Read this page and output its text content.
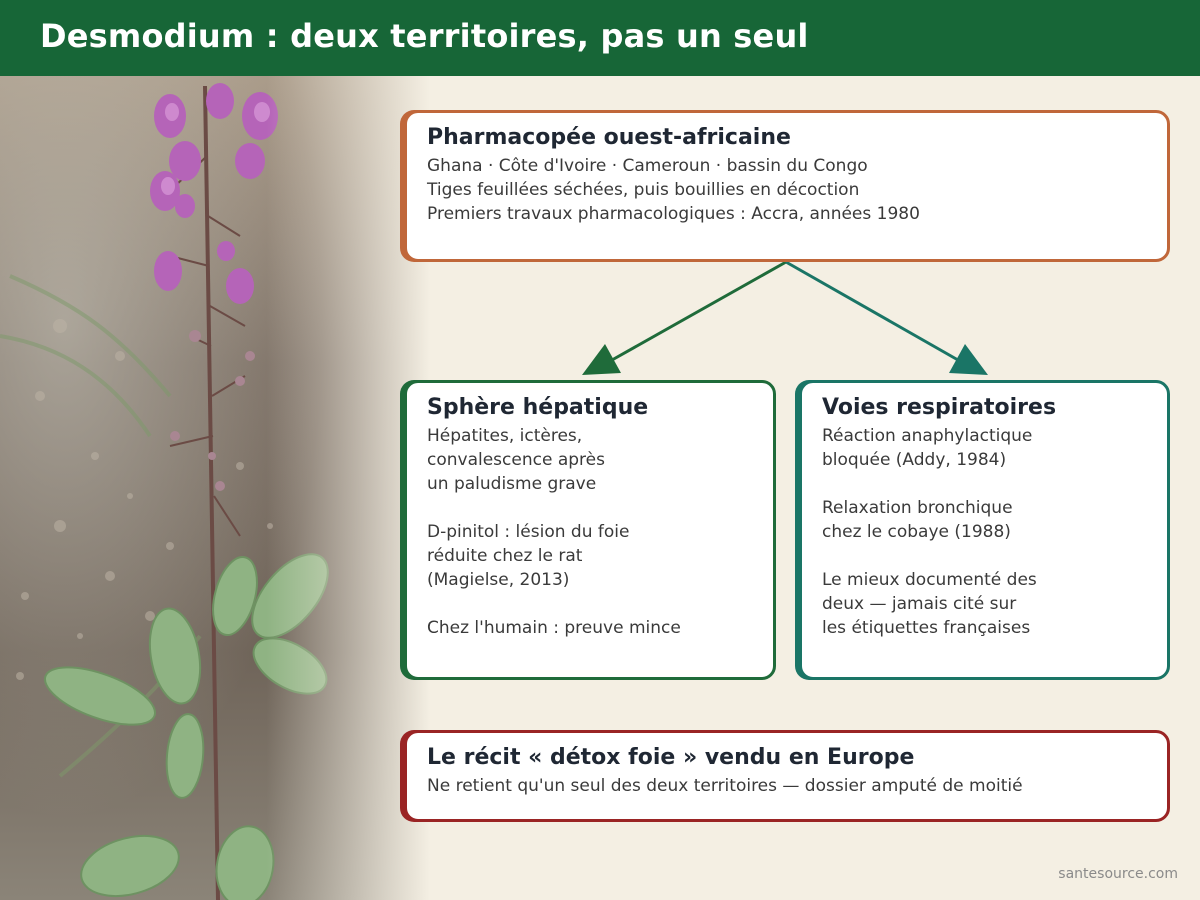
Desmodium : deux territoires, pas un seul
Pharmacopée ouest-africaine
Ghana · Côte d'Ivoire · Cameroun · bassin du Congo
Tiges feuillées séchées, puis bouillies en décoction
Premiers travaux pharmacologiques : Accra, années 1980
Sphère hépatique
Hépatites, ictères,
convalescence après
un paludisme grave
D-pinitol : lésion du foie
réduite chez le rat
(Magielse, 2013)
Chez l'humain : preuve mince
Voies respiratoires
Réaction anaphylactique
bloquée (Addy, 1984)
Relaxation bronchique
chez le cobaye (1988)
Le mieux documenté des
deux — jamais cité sur
les étiquettes françaises
Le récit « détox foie » vendu en Europe
Ne retient qu'un seul des deux territoires — dossier amputé de moitié
santesource.com
